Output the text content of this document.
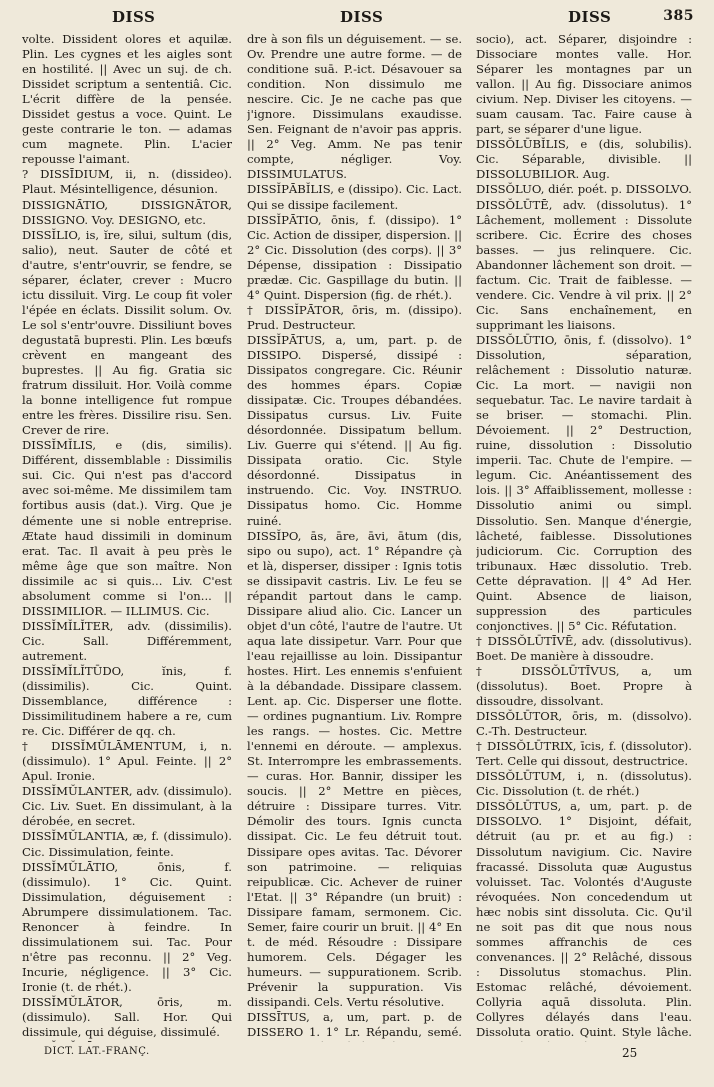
DISS	DISS	DISS	385

volte. Dissident olores et aquilæ. Plin. Les cygnes et les aigles sont en hostilité. || Avec un suj. de ch. Dissidet scriptum a sententiâ. Cic. L'écrit diffère de la pensée. Dissidet gestus a voce. Quint. Le geste contrarie le ton. — adamas cum magnete. Plin. L'acier repousse l'aimant.

? DISSĪDIUM, ii, n. (dissideo). Plaut. Mésintelligence, désunion.

DISSIGNĀTIO, DISSIGNĀTOR, DISSIGNO. Voy. DESIGNO, etc.

DISSĬLIO, is, ĭre, silui, sultum (dis, salio), neut. Sauter de côté et d'autre, s'entr'ouvrir, se fendre, se séparer, éclater, crever : Mucro ictu dissiluit. Virg. Le coup fit voler l'épée en éclats. Dissilit solum. Ov. Le sol s'entr'ouvre. Dissiliunt boves degustatā bupresti. Plin. Les bœufs crèvent en mangeant des buprestes. || Au fig. Gratia sic fratrum dissiluit. Hor. Voilà comme la bonne intelligence fut rompue entre les frères. Dissilire risu. Sen. Crever de rire.

DISSĬMĬLIS, e (dis, similis). Différent, dissemblable : Dissimilis sui. Cic. Qui n'est pas d'accord avec soi-même. Me dissimilem tam fortibus ausis (dat.). Virg. Que je démente une si noble entreprise. Ætate haud dissimili in dominum erat. Tac. Il avait à peu près le même âge que son maître. Non dissimile ac si quis... Liv. C'est absolument comme si l'on... || DISSIMILIOR. — ILLIMUS. Cic.

DISSĬMĬLĬTER, adv. (dissimilis). Cic. Sall. Différemment, autrement.

DISSĬMĬLĬTŪDO, ĭnis, f. (dissimilis). Cic. Quint. Dissemblance, différence : Dissimilitudinem habere a re, cum re. Cic. Différer de qq. ch.

† DISSĬMŬLĀMENTUM, i, n. (dissimulo). 1° Apul. Feinte. || 2° Apul. Ironie.

DISSĬMŬLANTER, adv. (dissimulo). Cic. Liv. Suet. En dissimulant, à la dérobée, en secret.

DISSĬMŬLANTIA, æ, f. (dissimulo). Cic. Dissimulation, feinte.

DISSĬMŬLĀTIO, ōnis, f. (dissimulo). 1° Cic. Quint. Dissimulation, déguisement : Abrumpere dissimulationem. Tac. Renoncer à feindre. In dissimulationem sui. Tac. Pour n'être pas reconnu. || 2° Veg. Incurie, négligence. || 3° Cic. Ironie (t. de rhét.).

DISSĬMŬLĀTOR, ōris, m. (dissimulo). Sall. Hor. Qui dissimule, qui déguise, dissimulé.

dre à son fils un déguisement. — se. Ov. Prendre une autre forme. — de conditione suā. P.-ict. Désavouer sa condition. Non dissimulo me nescire. Cic. Je ne cache pas que j'ignore. Dissimulans exaudisse. Sen. Feignant de n'avoir pas appris. || 2° Veg. Amm. Ne pas tenir compte, négliger. Voy. DISSIMULATUS.

DISSĬPĀBĬLIS, e (dissipo). Cic. Lact. Qui se dissipe facilement.

DISSĬPĀTIO, ōnis, f. (dissipo). 1° Cic. Action de dissiper, dispersion. || 2° Cic. Dissolution (des corps). || 3° Dépense, dissipation : Dissipatio prædæ. Cic. Gaspillage du butin. || 4° Quint. Dispersion (fig. de rhét.).

† DISSĬPĀTOR, ōris, m. (dissipo). Prud. Destructeur.

DISSĬPĀTUS, a, um, part. p. de DISSIPO. Dispersé, dissipé : Dissipatos congregare. Cic. Réunir des hommes épars. Copiæ dissipatæ. Cic. Troupes débandées. Dissipatus cursus. Liv. Fuite désordonnée. Dissipatum bellum. Liv. Guerre qui s'étend. || Au fig. Dissipata oratio. Cic. Style désordonné. Dissipatus in instruendo. Cic. Voy. INSTRUO. Dissipatus homo. Cic. Homme ruiné.

DISSĬPO, ās, āre, āvi, ātum (dis, sipo ou supo), act. 1° Répandre çà et là, disperser, dissiper : Ignis totis se dissipavit castris. Liv. Le feu se répandit partout dans le camp. Dissipare aliud alio. Cic. Lancer un objet d'un côté, l'autre de l'autre. Ut aqua late dissipetur. Varr. Pour que l'eau rejaillisse au loin. Dissipantur hostes. Hirt. Les ennemis s'enfuient à la débandade. Dissipare classem. Lent. ap. Cic. Disperser une flotte. — ordines pugnantium. Liv. Rompre les rangs. — hostes. Cic. Mettre l'ennemi en déroute. — amplexus. St. Interrompre les embrassements. — curas. Hor. Bannir, dissiper les soucis. || 2° Mettre en pièces, détruire : Dissipare turres. Vitr. Démolir des tours. Ignis cuncta dissipat. Cic. Le feu détruit tout. Dissipare opes avitas. Tac. Dévorer son patrimoine. — reliquias reipublicæ. Cic. Achever de ruiner l'Etat. || 3° Répandre (un bruit) : Dissipare famam, sermonem. Cic. Semer, faire courir un bruit. || 4° En t. de méd. Résoudre : Dissipare humorem. Cels. Dégager les humeurs. — suppurationem. Scrib. Prévenir la suppuration. Vis dissipandi. Cels. Vertu résolutive.

DISSĪTUS, a, um, part. p. de DISSERO 1. 1° Lr. Répandu, semé.

socio), act. Séparer, disjoindre : Dissociare montes valle. Hor. Séparer les montagnes par un vallon. || Au fig. Dissociare animos civium. Nep. Diviser les citoyens. — suam causam. Tac. Faire cause à part, se séparer d'une ligue.

DISSŎLŪBĬLIS, e (dis, solubilis). Cic. Séparable, divisible. || DISSOLUBILIOR. Aug.

DISSŎLUO, diér. poét. p. DISSOLVO.

DISSŎLŪTĒ, adv. (dissolutus). 1° Lâchement, mollement : Dissolute scribere. Cic. Écrire des choses basses. — jus relinquere. Cic. Abandonner lâchement son droit. — factum. Cic. Trait de faiblesse. — vendere. Cic. Vendre à vil prix. || 2° Cic. Sans enchaînement, en supprimant les liaisons.

DISSŎLŪTIO, ōnis, f. (dissolvo). 1° Dissolution, séparation, relâchement : Dissolutio naturæ. Cic. La mort. — navigii non sequebatur. Tac. Le navire tardait à se briser. — stomachi. Plin. Dévoiement. || 2° Destruction, ruine, dissolution : Dissolutio imperii. Tac. Chute de l'empire. — legum. Cic. Anéantissement des lois. || 3° Affaiblissement, mollesse : Dissolutio animi ou simpl. Dissolutio. Sen. Manque d'énergie, lâcheté, faiblesse. Dissolutiones judiciorum. Cic. Corruption des tribunaux. Hæc dissolutio. Treb. Cette dépravation. || 4° Ad Her. Quint. Absence de liaison, suppression des particules conjonctives. || 5° Cic. Réfutation.

† DISSŎLŪTĪVĒ, adv. (dissolutivus). Boet. De manière à dissoudre.

† DISSŎLŪTĪVUS, a, um (dissolutus). Boet. Propre à dissoudre, dissolvant.

DISSŎLŪTOR, ōris, m. (dissolvo). C.-Th. Destructeur.

† DISSŎLŪTRIX, īcis, f. (dissolutor). Tert. Celle qui dissout, destructrice.

DISSŎLŪTUM, i, n. (dissolutus). Cic. Dissolution (t. de rhét.)

DISSŎLŪTUS, a, um, part. p. de DISSOLVO. 1° Disjoint, défait, détruit (au pr. et au fig.) : Dissolutum navigium. Cic. Navire fracassé. Dissoluta quæ Augustus voluisset. Tac. Volontés d'Auguste révoquées. Non concedendum ut hæc nobis sint dissoluta. Cic. Qu'il ne soit pas dit que nous nous sommes affranchis de ces convenances. || 2° Relâché, dissous : Dissolutus stomachus. Plin. Estomac relâché, dévoiement. Collyria aquā dissoluta. Plin. Collyres délayés dans l'eau. Dissoluta oratio. Quint. Style lâche.

DICT. LAT.-FRANÇ.	25
